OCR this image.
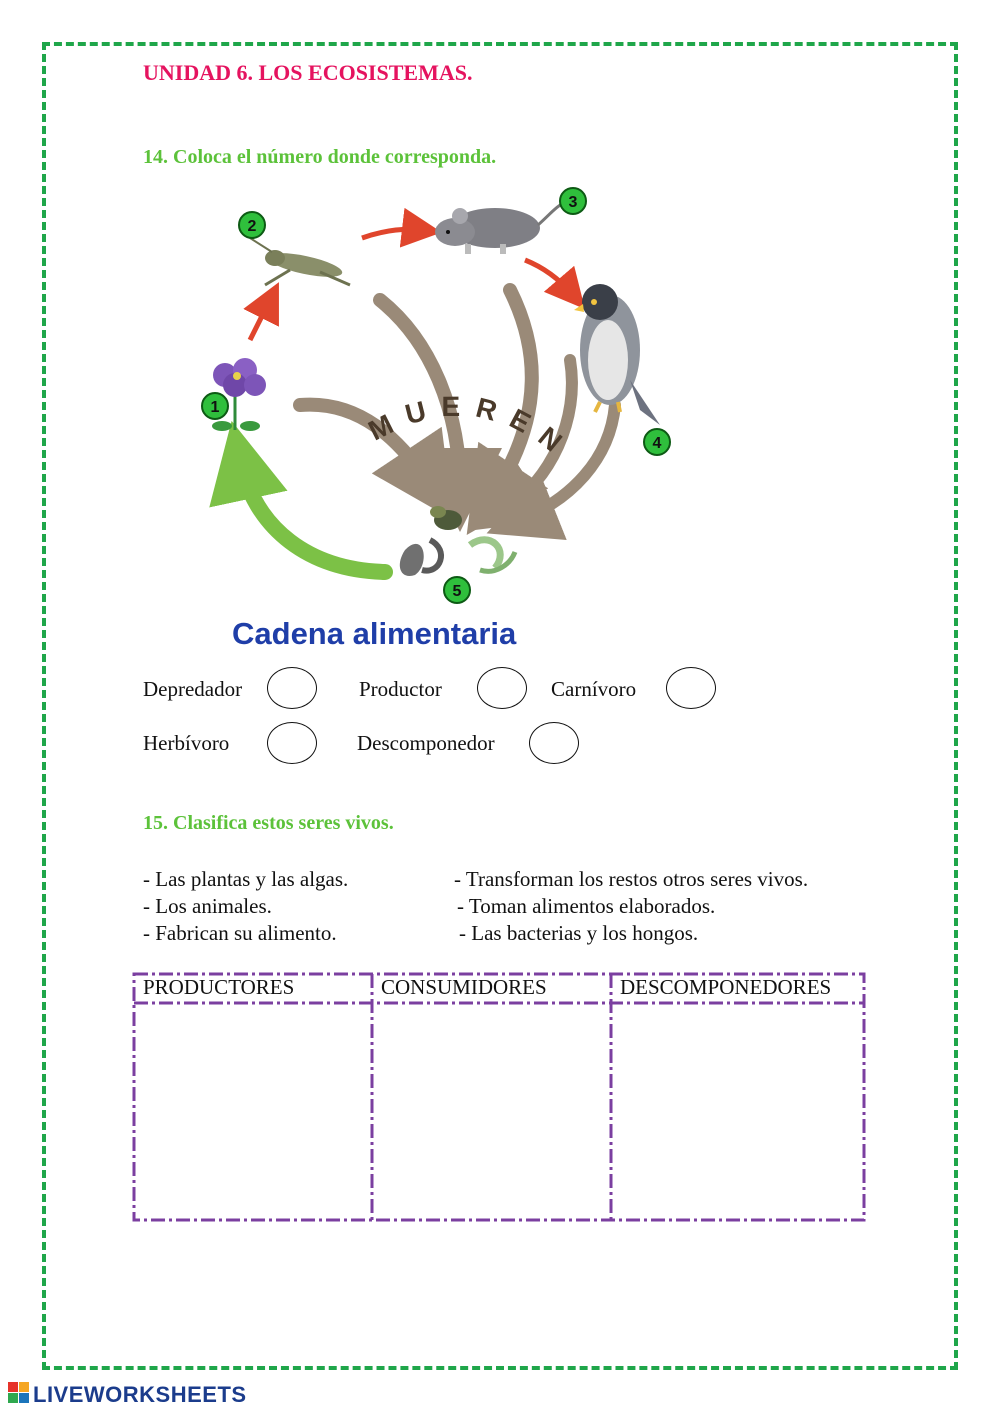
UNIDAD 6. LOS ECOSISTEMAS.
14. Coloca el número donde corresponda.
MUEREN
1
2
3
4
5
Cadena alimentaria
Depredador	Productor	Carnívoro
Herbívoro	Descomponedor
15. Clasifica estos seres vivos.
- Las plantas y las algas.
- Los animales.
- Fabrican su alimento.
- Transforman los restos otros seres vivos.
- Toman alimentos elaborados.
- Las bacterias y los hongos.
PRODUCTORES	CONSUMIDORES	DESCOMPONEDORES
LIVEWORKSHEETS
